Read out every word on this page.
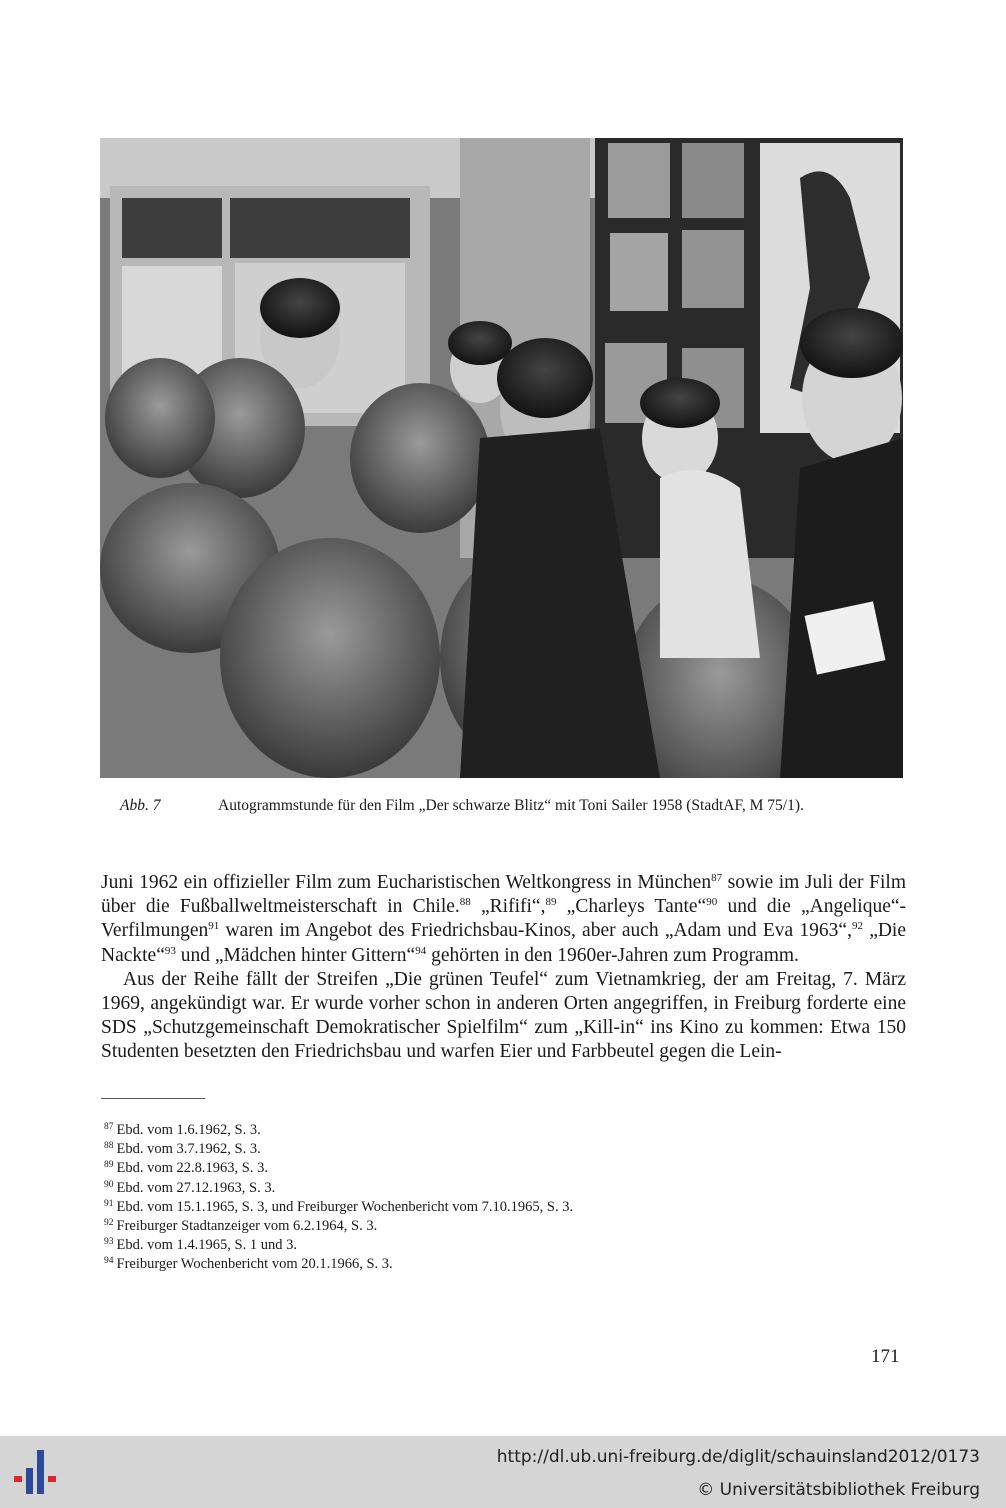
Abb. 7	Autogrammstunde für den Film „Der schwarze Blitz“ mit Toni Sailer 1958 (StadtAF, M 75/1).

Juni 1962 ein offizieller Film zum Eucharistischen Weltkongress in München$^{87}$ sowie im Juli der Film über die Fußballweltmeisterschaft in Chile.$^{88}$ „Rififi“,$^{89}$ „Charleys Tante“$^{90}$ und die „Angelique“-Verfilmungen$^{91}$ waren im Angebot des Friedrichsbau-Kinos, aber auch „Adam und Eva 1963“,$^{92}$ „Die Nackte“$^{93}$ und „Mädchen hinter Gittern“$^{94}$ gehörten in den 1960er-Jahren zum Programm.

Aus der Reihe fällt der Streifen „Die grünen Teufel“ zum Vietnamkrieg, der am Freitag, 7. März 1969, angekündigt war. Er wurde vorher schon in anderen Orten angegriffen, in Freiburg forderte eine SDS „Schutzgemeinschaft Demokratischer Spielfilm“ zum „Kill-in“ ins Kino zu kommen: Etwa 150 Studenten besetzten den Friedrichsbau und warfen Eier und Farbbeutel gegen die Lein-

$^{87}$ Ebd. vom 1.6.1962, S. 3.
$^{88}$ Ebd. vom 3.7.1962, S. 3.
$^{89}$ Ebd. vom 22.8.1963, S. 3.
$^{90}$ Ebd. vom 27.12.1963, S. 3.
$^{91}$ Ebd. vom 15.1.1965, S. 3, und Freiburger Wochenbericht vom 7.10.1965, S. 3.
$^{92}$ Freiburger Stadtanzeiger vom 6.2.1964, S. 3.
$^{93}$ Ebd. vom 1.4.1965, S. 1 und 3.
$^{94}$ Freiburger Wochenbericht vom 20.1.1966, S. 3.
171
http://dl.ub.uni-freiburg.de/diglit/schauinsland2012/0173
© Universitätsbibliothek Freiburg
